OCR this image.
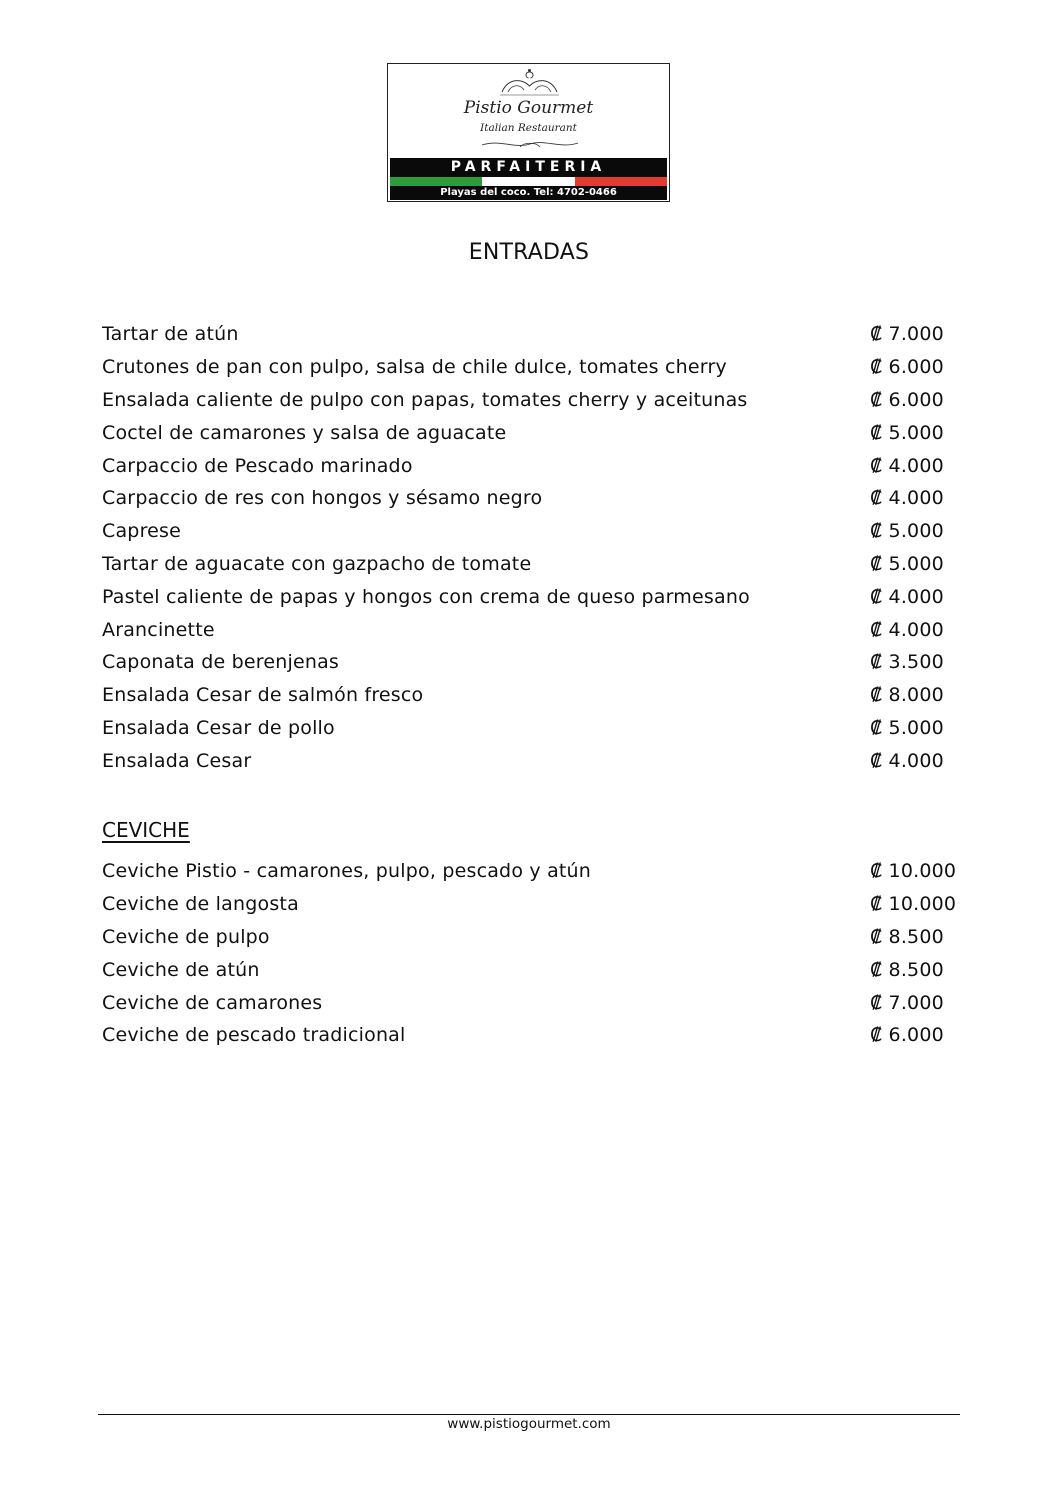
Pistio Gourmet
Italian Restaurant
PARFAITERIA
Playas del coco. Tel: 4702-0466
ENTRADAS
Tartar de atún	₡ 7.000
Crutones de pan con pulpo, salsa de chile dulce, tomates cherry	₡ 6.000
Ensalada caliente de pulpo con papas, tomates cherry y aceitunas	₡ 6.000
Coctel de camarones y salsa de aguacate	₡ 5.000
Carpaccio de Pescado marinado	₡ 4.000
Carpaccio de res con hongos y sésamo negro	₡ 4.000
Caprese	₡ 5.000
Tartar de aguacate con gazpacho de tomate	₡ 5.000
Pastel caliente de papas y hongos con crema de queso parmesano	₡ 4.000
Arancinette	₡ 4.000
Caponata de berenjenas	₡ 3.500
Ensalada Cesar de salmón fresco	₡ 8.000
Ensalada Cesar de pollo	₡ 5.000
Ensalada Cesar	₡ 4.000
CEVICHE
Ceviche Pistio - camarones, pulpo, pescado y atún	₡ 10.000
Ceviche de langosta	₡ 10.000
Ceviche de pulpo	₡ 8.500
Ceviche de atún	₡ 8.500
Ceviche de camarones	₡ 7.000
Ceviche de pescado tradicional	₡ 6.000
www.pistiogourmet.com
